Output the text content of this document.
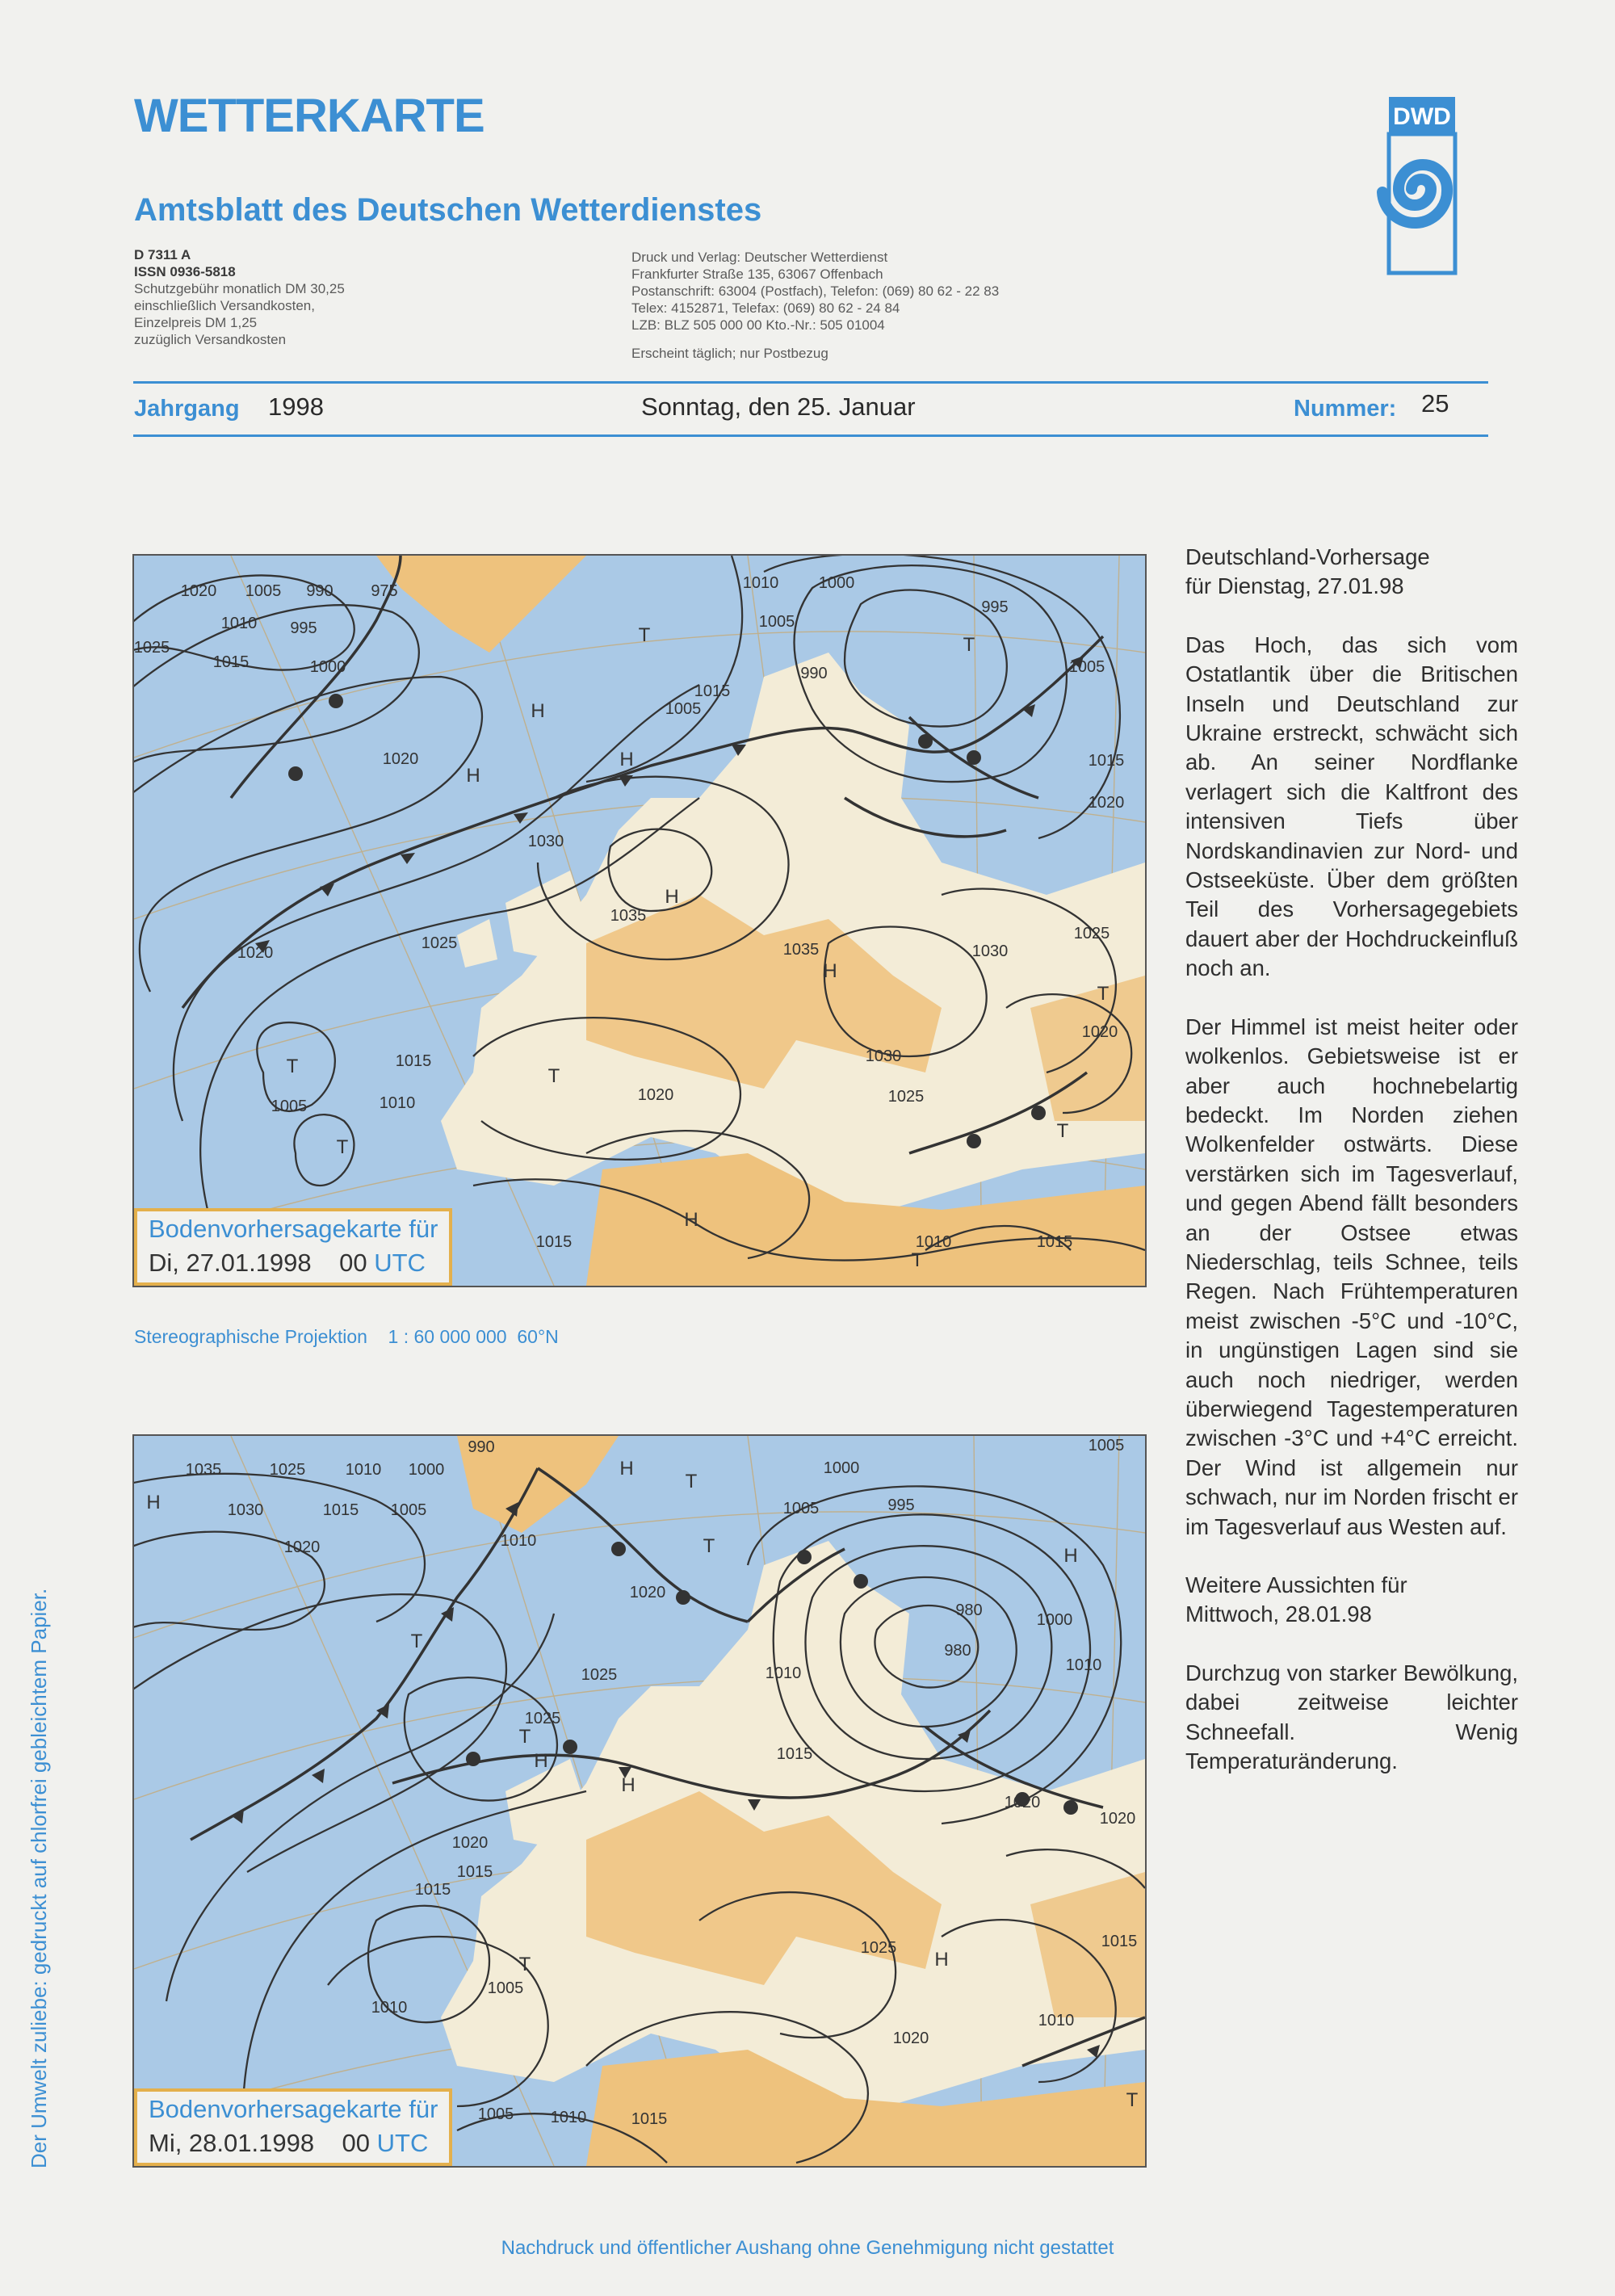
WETTERKARTE
Amtsblatt des Deutschen Wetterdienstes
DWD
D 7311 A
ISSN 0936-5818
Schutzgebühr monatlich DM 30,25
einschließlich Versandkosten,
Einzelpreis DM 1,25
zuzüglich Versandkosten
Druck und Verlag: Deutscher Wetterdienst
Frankfurter Straße 135, 63067 Offenbach
Postanschrift: 63004 (Postfach), Telefon: (069) 80 62 - 22 83
Telex: 4152871, Telefax: (069) 80 62 - 24 84
LZB: BLZ 505 000 00 Kto.-Nr.: 505 01004
Erscheint täglich; nur Postbezug
Jahrgang 1998	Sonntag, den 25. Januar	Nummer: 25
H
H
H
H
H
H
T	T
T
T
T
T
T
T
1020 1005 990 975
1010 995
1025
1015	1000
1020
1030
1025
1020
1015
1010
1005
1035
1035
1030
1025
1020
1015
1010 1000
1005
990
995
1005
1015
1020
1025
1030
1020
1015
1010	1015
1005
Bodenvorhersagekarte für
Di, 27.01.1998 00 UTC
Stereographische Projektion 1 : 60 000 000 60°N
H
H
H
H
H
H
T
T
T
T
T
T
1035	1025 1010 1000
990
1030	1015 1005
1020	1010
1020
1025
1025
1020
1015
1010
1005
1010	1015
1000
1005	995
980
980
1000
1010
1005
1015
1020
1020
1025	1015
1020
1010
1015
1005
1010
Bodenvorhersagekarte für
Mi, 28.01.1998 00 UTC

Deutschland-Vorhersage

für Dienstag, 27.01.98

Das Hoch, das sich vom Ostatlantik über die Britischen Inseln und Deutschland zur Ukraine erstreckt, schwächt sich ab. An seiner Nordflanke verlagert sich die Kaltfront des intensiven Tiefs über Nordskandinavien zur Nord- und Ostseeküste. Über dem größten Teil des Vorhersagegebiets dauert aber der Hochdruckeinfluß noch an.

Der Himmel ist meist heiter oder wolkenlos. Gebietsweise ist er aber auch hochnebelartig bedeckt. Im Norden ziehen Wolkenfelder ostwärts. Diese verstärken sich im Tagesverlauf, und gegen Abend fällt besonders an der Ostsee etwas Niederschlag, teils Schnee, teils Regen. Nach Frühtemperaturen meist zwischen -5°C und -10°C, in ungünstigen Lagen sind sie auch noch niedriger, werden überwiegend Tagestemperaturen zwischen -3°C und +4°C erreicht. Der Wind ist allgemein nur schwach, nur im Norden frischt er im Tagesverlauf aus Westen auf.

Weitere Aussichten für

Mittwoch, 28.01.98

Durchzug von starker Bewölkung, dabei zeitweise leichter Schneefall. Wenig Temperaturänderung.

Der Umwelt zuliebe: gedruckt auf chlorfrei gebleichtem Papier.
Nachdruck und öffentlicher Aushang ohne Genehmigung nicht gestattet
